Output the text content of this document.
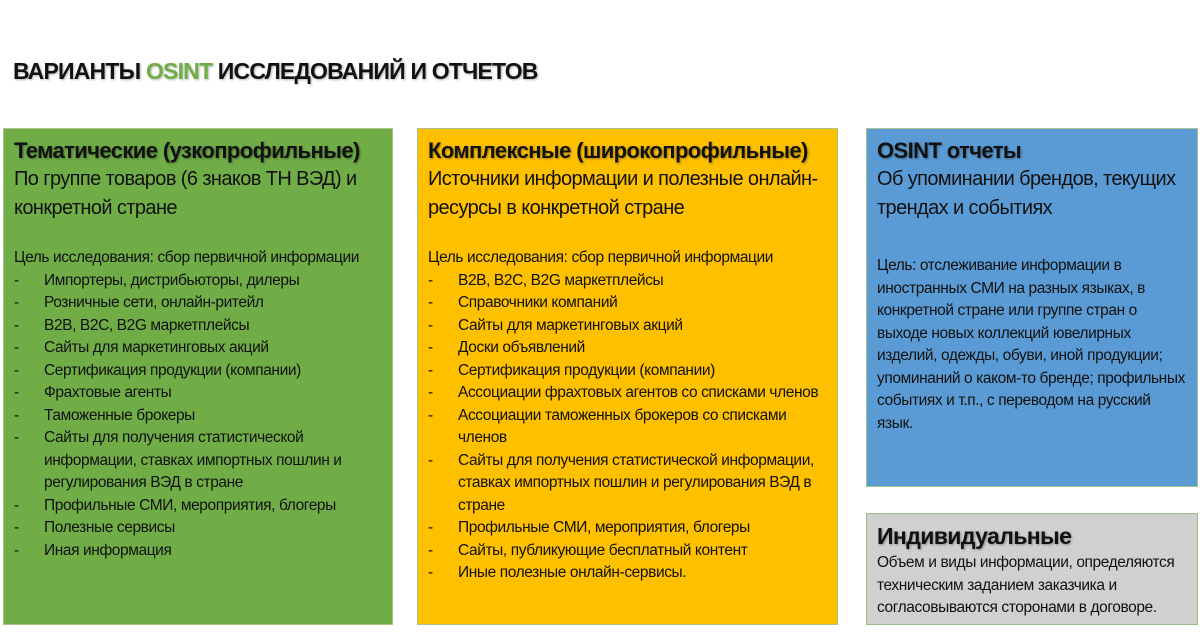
ВАРИАНТЫ OSINT ИССЛЕДОВАНИЙ И ОТЧЕТОВ
Тематические (узкопрофильные)
По группе товаров (6 знаков ТН ВЭД) и конкретной стране
Цель исследования: сбор первичной информации
- Импортеры, дистрибьюторы, дилеры
- Розничные сети, онлайн-ритейл
- B2B, B2C, B2G маркетплейсы
- Сайты для маркетинговых акций
- Сертификация продукции (компании)
- Фрахтовые агенты
- Таможенные брокеры
- Сайты для получения статистической информации, ставках импортных пошлин и регулирования ВЭД в стране
- Профильные СМИ, мероприятия, блогеры
- Полезные сервисы
- Иная информация
Комплексные (широкопрофильные)
Источники информации и полезные онлайн-ресурсы в конкретной стране
Цель исследования: сбор первичной информации
- B2B, B2C, B2G маркетплейсы
- Справочники компаний
- Сайты для маркетинговых акций
- Доски объявлений
- Сертификация продукции (компании)
- Ассоциации фрахтовых агентов со списками членов
- Ассоциации таможенных брокеров со списками членов
- Сайты для получения статистической информации, ставках импортных пошлин и регулирования ВЭД в стране
- Профильные СМИ, мероприятия, блогеры
- Сайты, публикующие бесплатный контент
- Иные полезные онлайн-сервисы.
OSINT отчеты
Об упоминании брендов, текущих трендах и событиях
Цель: отслеживание информации в иностранных СМИ на разных языках, в конкретной стране или группе стран о выходе новых коллекций ювелирных изделий, одежды, обуви, иной продукции; упоминаний о каком-то бренде; профильных событиях и т.п., с переводом на русский язык.
Индивидуальные
Объем и виды информации, определяются техническим заданием заказчика и согласовываются сторонами в договоре.
